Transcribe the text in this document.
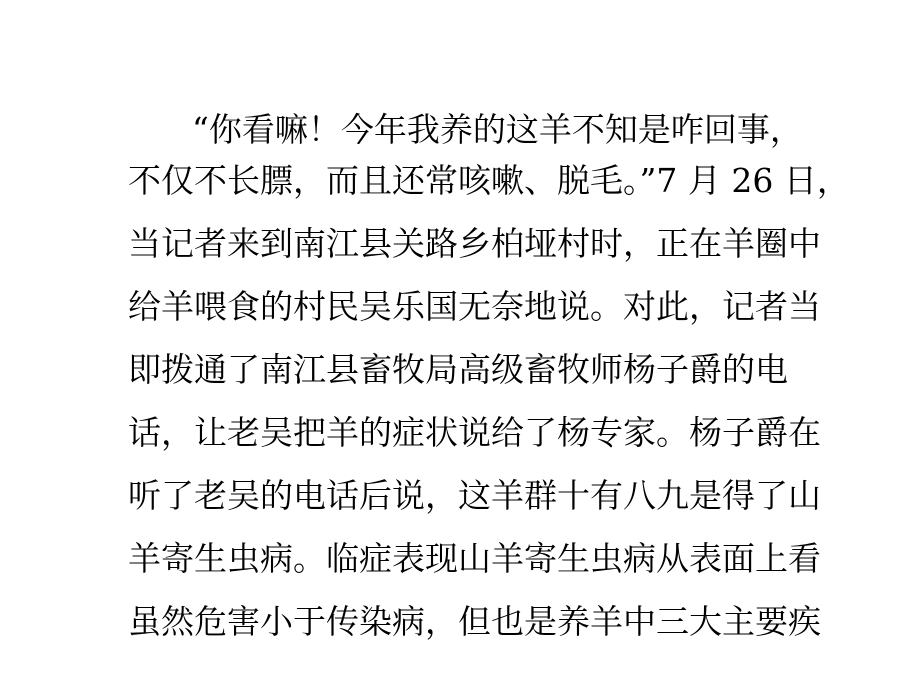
“你看嘛！今年我养的这羊不知是咋回事，
不仅不长膘，而且还常咳嗽、脱毛。”7 月 26 日，
当记者来到南江县关路乡柏垭村时，正在羊圈中
给羊喂食的村民吴乐国无奈地说。对此，记者当
即拨通了南江县畜牧局高级畜牧师杨子爵的电
话，让老吴把羊的症状说给了杨专家。杨子爵在
听了老吴的电话后说，这羊群十有八九是得了山
羊寄生虫病。临症表现山羊寄生虫病从表面上看
虽然危害小于传染病，但也是养羊中三大主要疾
